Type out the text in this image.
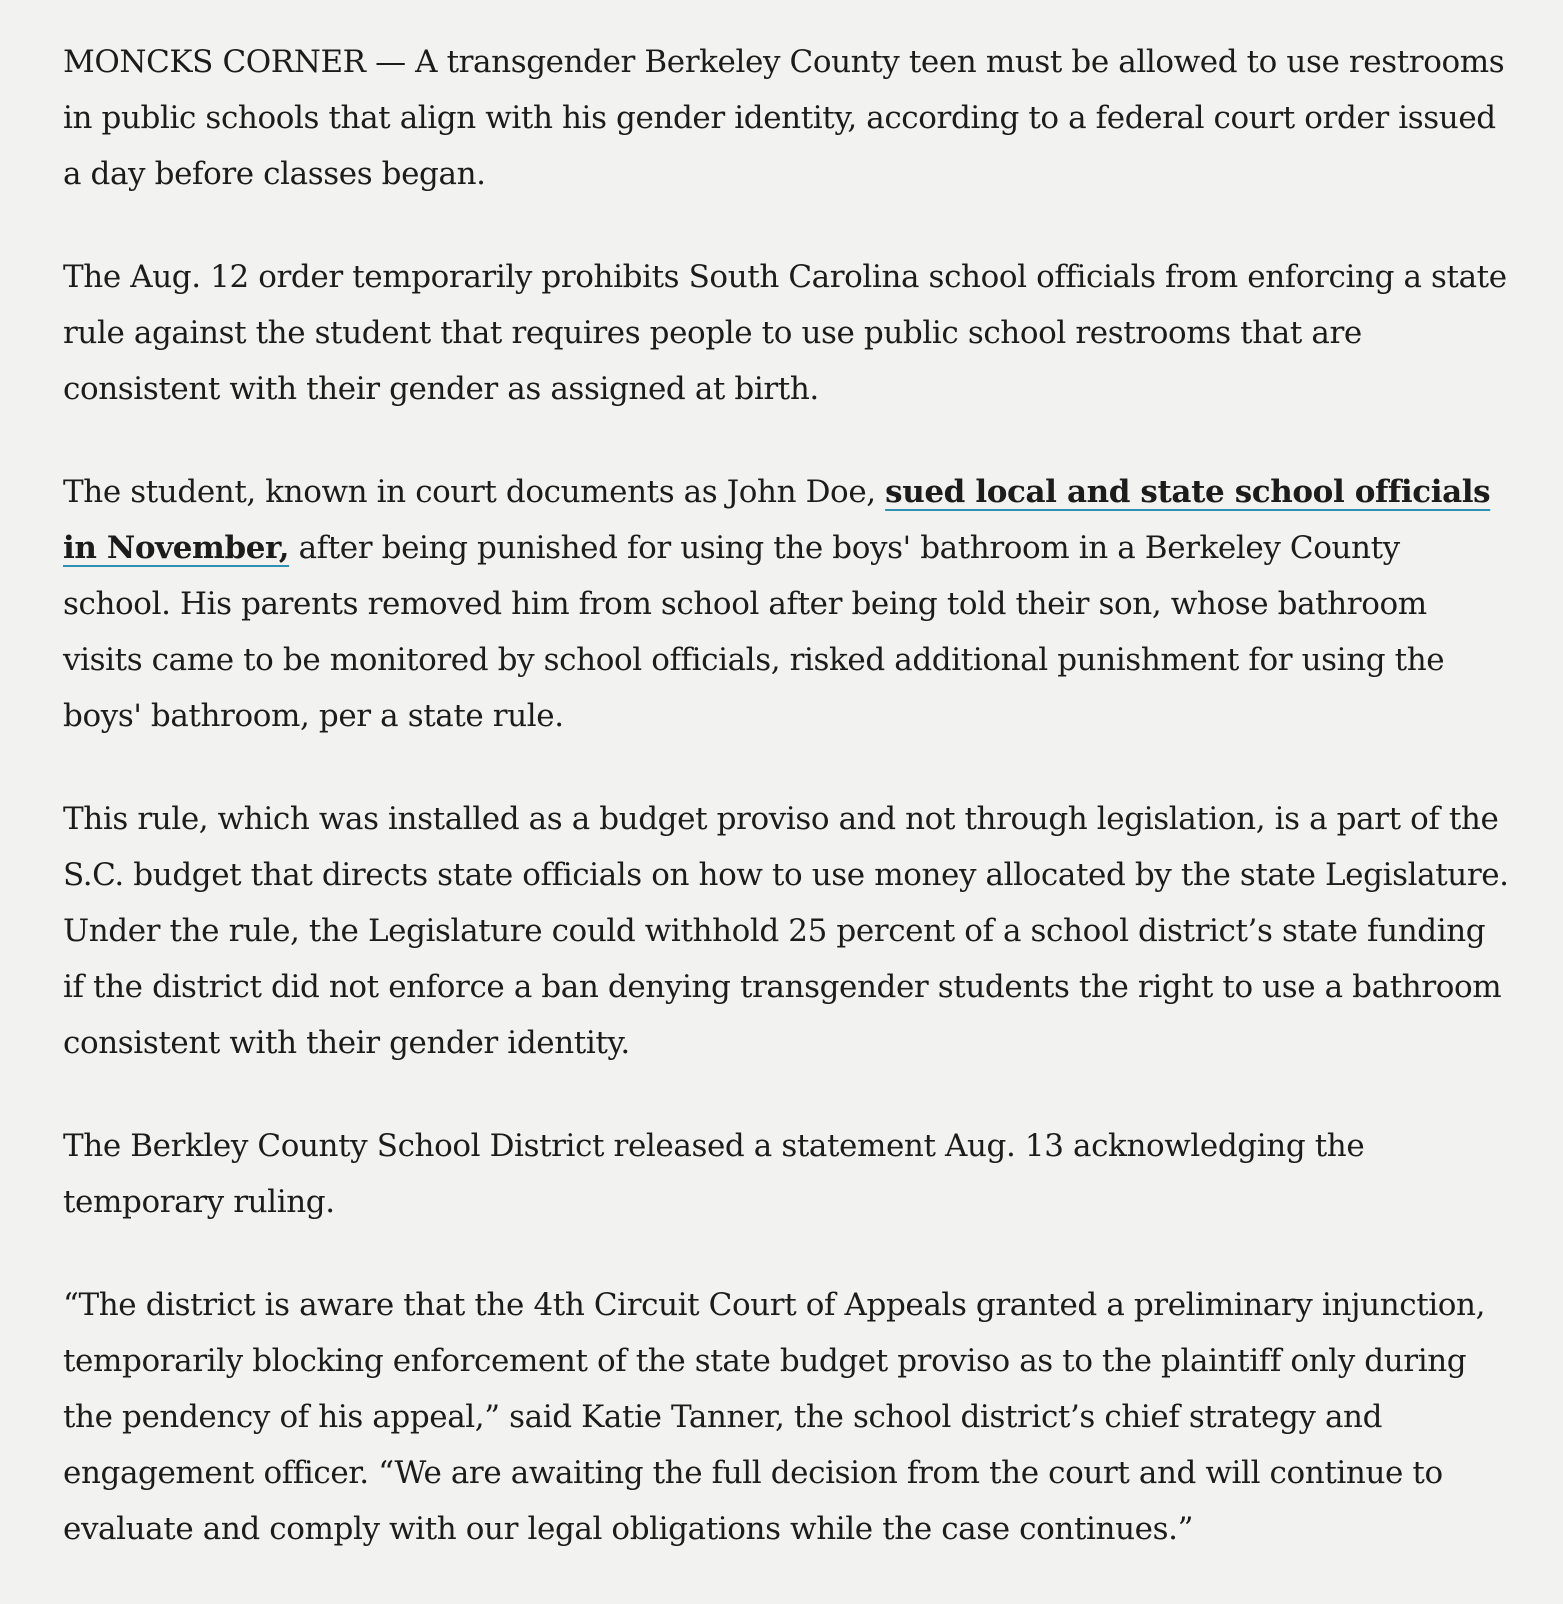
MONCKS CORNER — A transgender Berkeley County teen must be allowed to use restrooms in public schools that align with his gender identity, according to a federal court order issued a day before classes began.

The Aug. 12 order temporarily prohibits South Carolina school officials from enforcing a state rule against the student that requires people to use public school restrooms that are consistent with their gender as assigned at birth.

The student, known in court documents as John Doe, sued local and state school officials in November, after being punished for using the boys' bathroom in a Berkeley County school. His parents removed him from school after being told their son, whose bathroom visits came to be monitored by school officials, risked additional punishment for using the boys' bathroom, per a state rule.

This rule, which was installed as a budget proviso and not through legislation, is a part of the S.C. budget that directs state officials on how to use money allocated by the state Legislature. Under the rule, the Legislature could withhold 25 percent of a school district’s state funding if the district did not enforce a ban denying transgender students the right to use a bathroom consistent with their gender identity.

The Berkley County School District released a statement Aug. 13 acknowledging the temporary ruling.

“The district is aware that the 4th Circuit Court of Appeals granted a preliminary injunction, temporarily blocking enforcement of the state budget proviso as to the plaintiff only during the pendency of his appeal,” said Katie Tanner, the school district’s chief strategy and engagement officer. “We are awaiting the full decision from the court and will continue to evaluate and comply with our legal obligations while the case continues.”
